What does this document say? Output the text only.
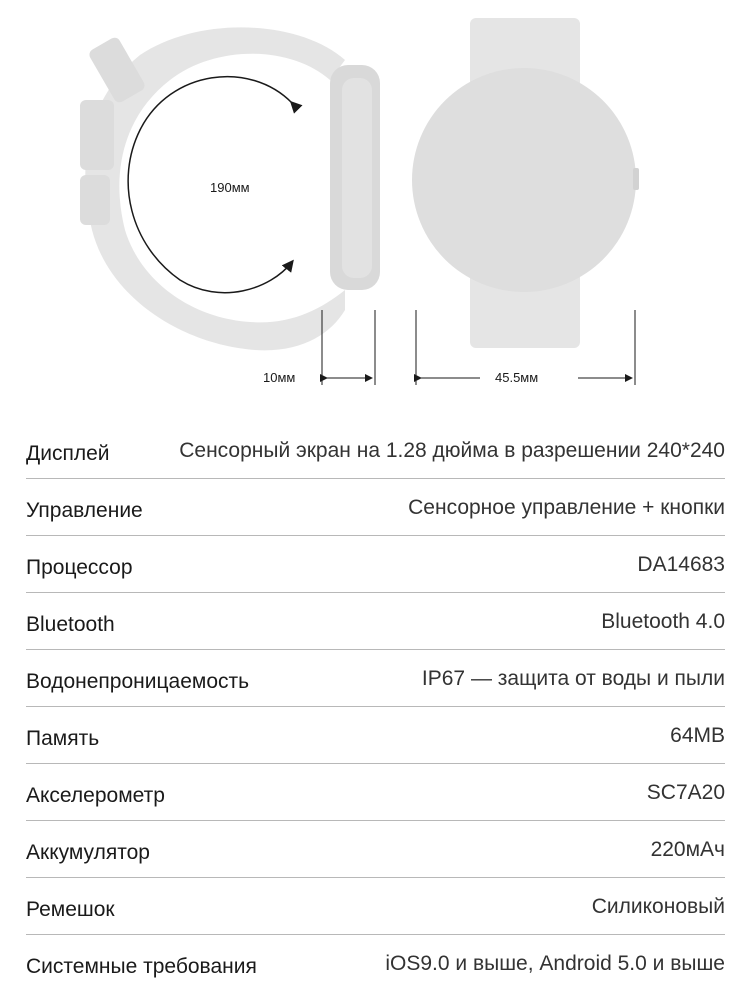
190мм
10мм	45.5мм
Дисплей	Сенсорный экран на 1.28 дюйма в разрешении 240*240
Управление	Сенсорное управление + кнопки
Процессор	DA14683
Bluetooth	Bluetooth 4.0
Водонепроницаемость	IP67 — защита от воды и пыли
Память	64MB
Акселерометр	SC7A20
Аккумулятор	220мАч
Ремешок	Силиконовый
Системные требования	iOS9.0 и выше, Android 5.0 и выше
